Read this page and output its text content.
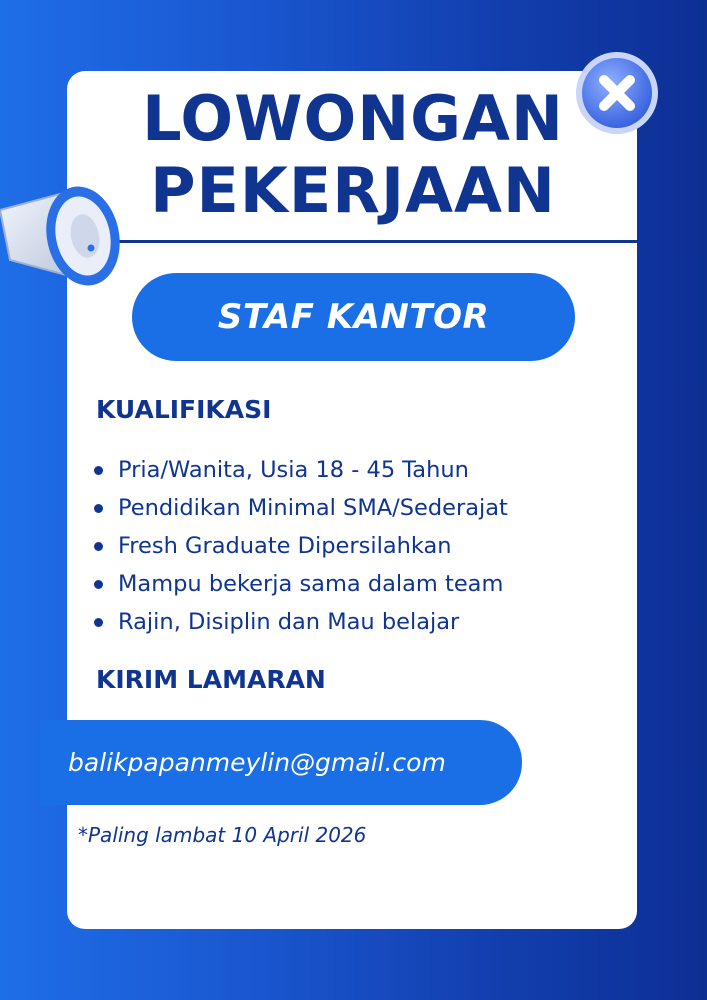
LOWONGAN
PEKERJAAN
STAF KANTOR
KUALIFIKASI
Pria/Wanita, Usia 18 - 45 Tahun
Pendidikan Minimal SMA/Sederajat
Fresh Graduate Dipersilahkan
Mampu bekerja sama dalam team
Rajin, Disiplin dan Mau belajar
KIRIM LAMARAN
balikpapanmeylin@gmail.com
*Paling lambat 10 April 2026
